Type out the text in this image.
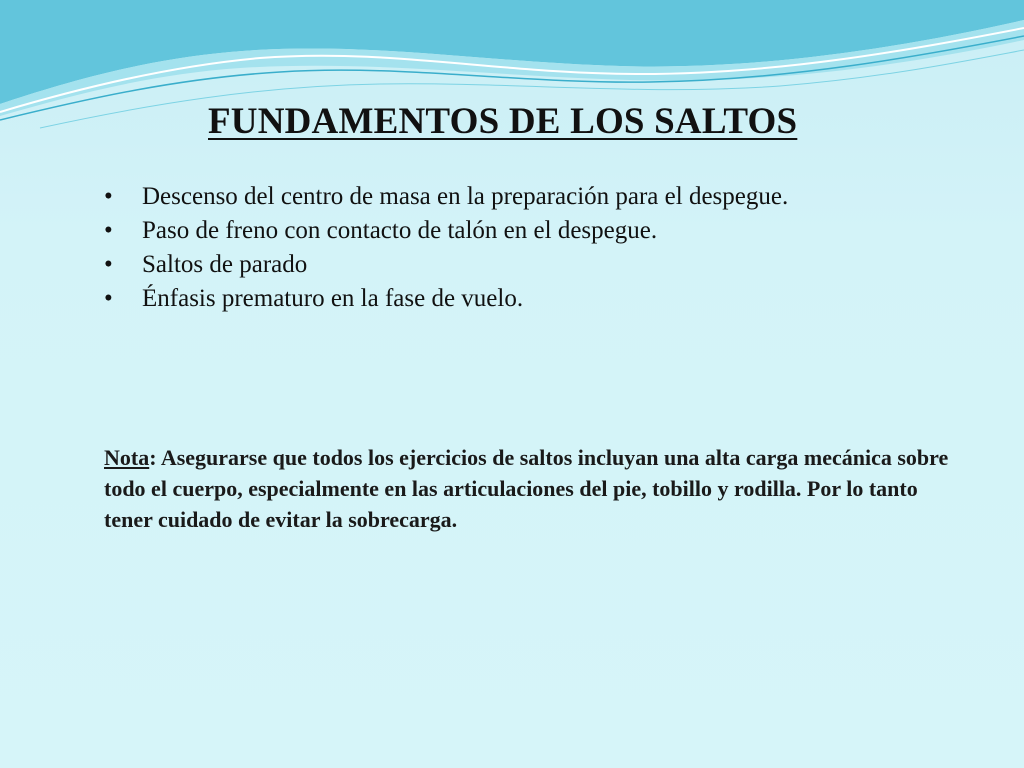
FUNDAMENTOS DE LOS SALTOS
• Descenso del centro de masa en la preparación para el despegue.
• Paso de freno con contacto de talón en el despegue.
• Saltos de parado
• Énfasis prematuro en la fase de vuelo.

Nota: Asegurarse que todos los ejercicios de saltos incluyan una alta carga mecánica sobre todo el cuerpo, especialmente en las articulaciones del pie, tobillo y rodilla. Por lo tanto tener cuidado de evitar la sobrecarga.
